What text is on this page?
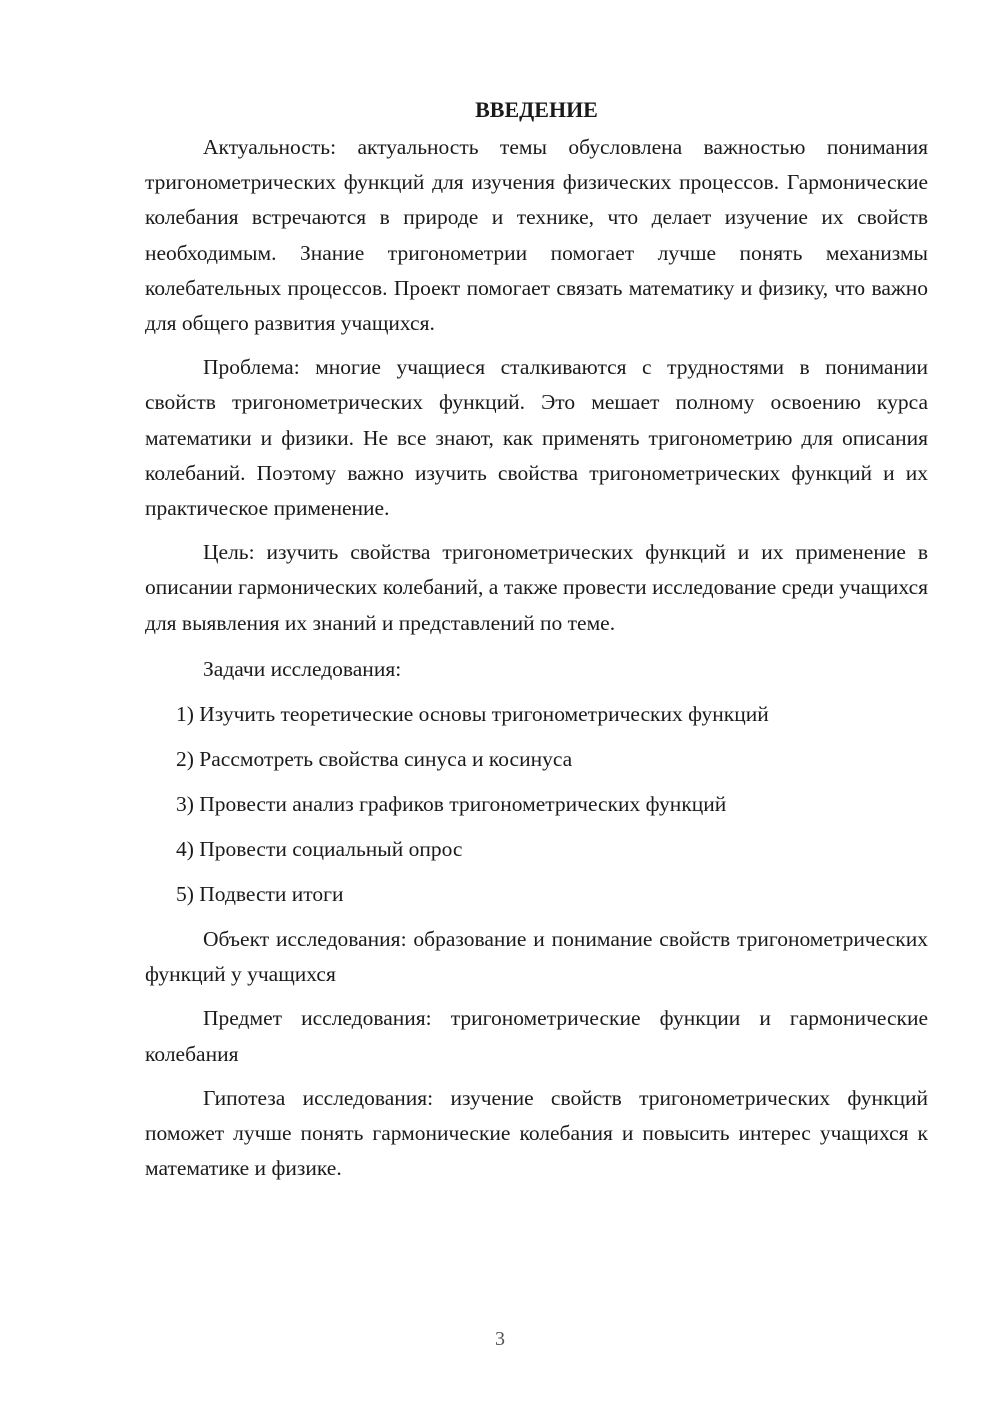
ВВЕДЕНИЕ

Актуальность: актуальность темы обусловлена важностью понимания тригонометрических функций для изучения физических процессов. Гармонические колебания встречаются в природе и технике, что делает изучение их свойств необходимым. Знание тригонометрии помогает лучше понять механизмы колебательных процессов. Проект помогает связать математику и физику, что важно для общего развития учащихся.

Проблема: многие учащиеся сталкиваются с трудностями в понимании свойств тригонометрических функций. Это мешает полному освоению курса математики и физики. Не все знают, как применять тригонометрию для описания колебаний. Поэтому важно изучить свойства тригонометрических функций и их практическое применение.

Цель: изучить свойства тригонометрических функций и их применение в описании гармонических колебаний, а также провести исследование среди учащихся для выявления их знаний и представлений по теме.

Задачи исследования:

1) Изучить теоретические основы тригонометрических функций
2) Рассмотреть свойства синуса и косинуса
3) Провести анализ графиков тригонометрических функций
4) Провести социальный опрос
5) Подвести итоги

Объект исследования: образование и понимание свойств тригонометрических функций у учащихся

Предмет исследования: тригонометрические функции и гармонические колебания

Гипотеза исследования: изучение свойств тригонометрических функций поможет лучше понять гармонические колебания и повысить интерес учащихся к математике и физике.

3
